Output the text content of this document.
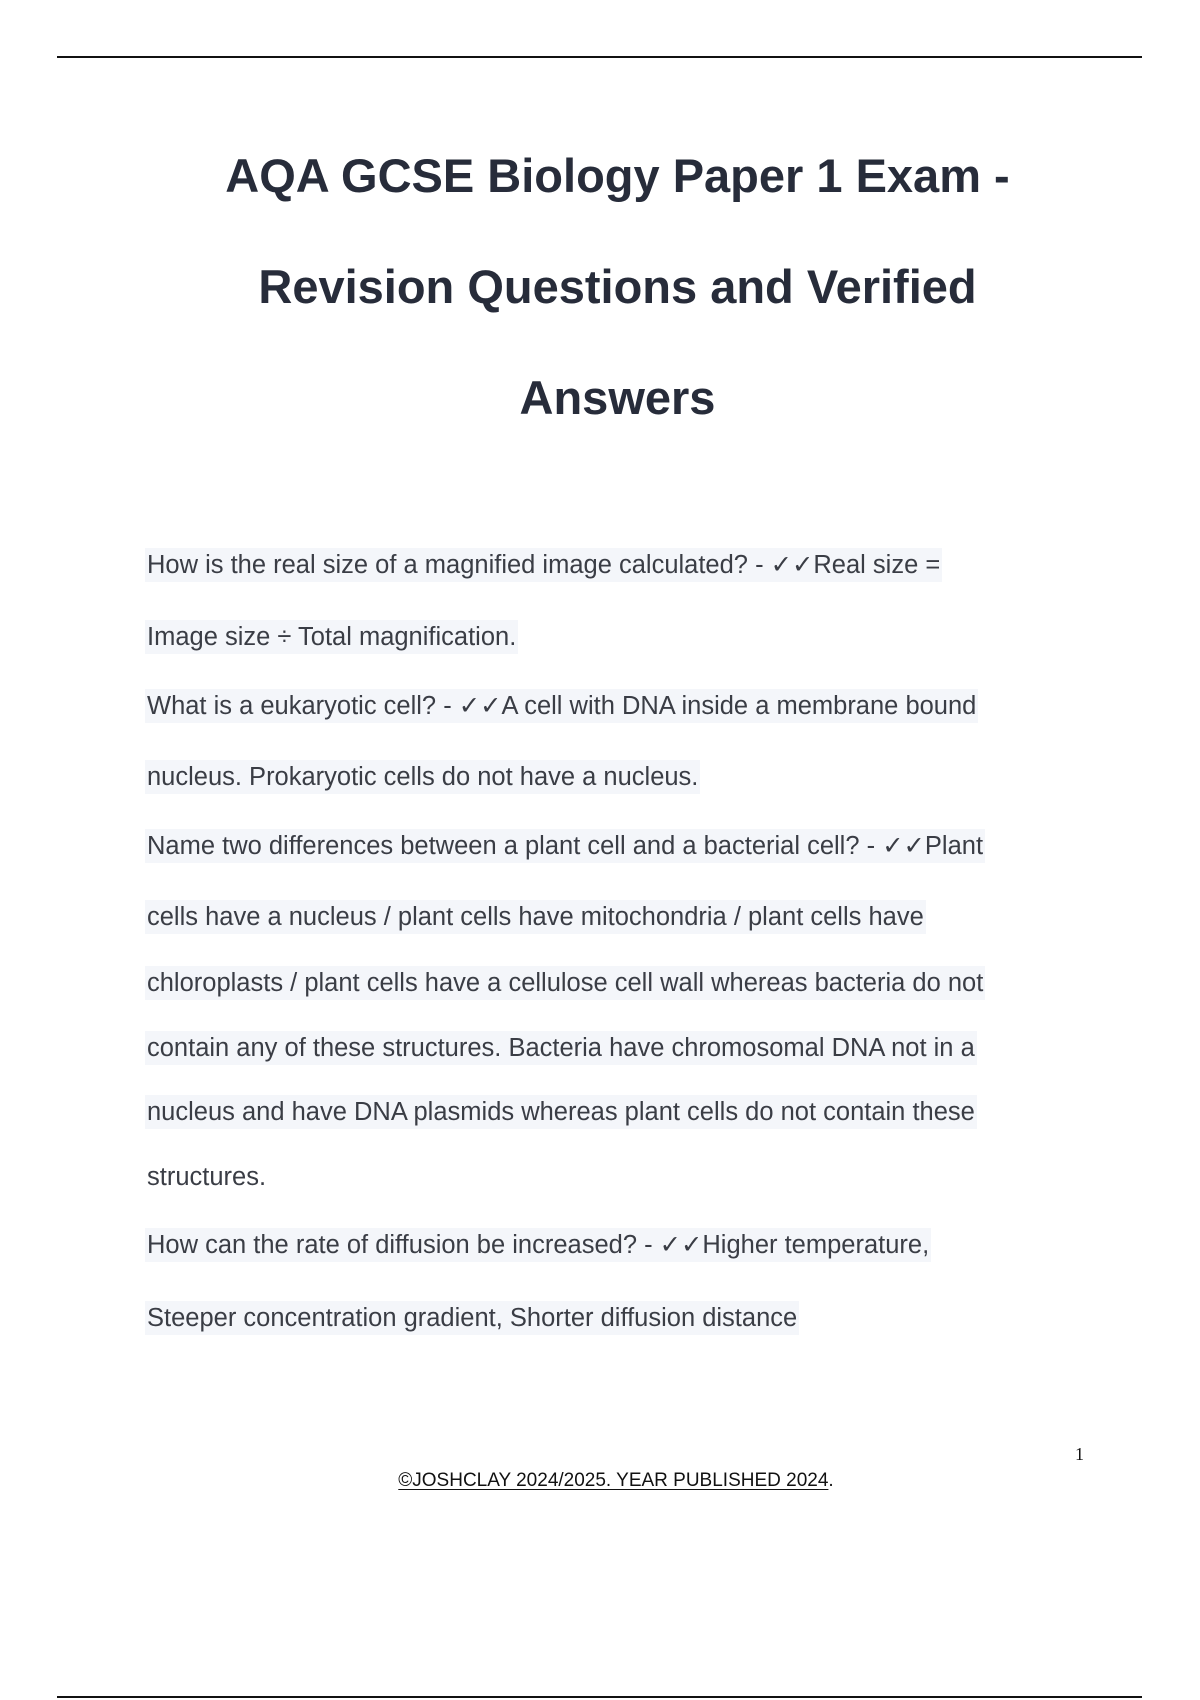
AQA GCSE Biology Paper 1 Exam -
Revision Questions and Verified
Answers
How is the real size of a magnified image calculated? - ✓✓Real size =
Image size ÷ Total magnification.
What is a eukaryotic cell? - ✓✓A cell with DNA inside a membrane bound
nucleus. Prokaryotic cells do not have a nucleus.
Name two differences between a plant cell and a bacterial cell? - ✓✓Plant
cells have a nucleus / plant cells have mitochondria / plant cells have
chloroplasts / plant cells have a cellulose cell wall whereas bacteria do not
contain any of these structures. Bacteria have chromosomal DNA not in a
nucleus and have DNA plasmids whereas plant cells do not contain these
structures.
How can the rate of diffusion be increased? - ✓✓Higher temperature,
Steeper concentration gradient, Shorter diffusion distance
1
©JOSHCLAY 2024/2025. YEAR PUBLISHED 2024.
